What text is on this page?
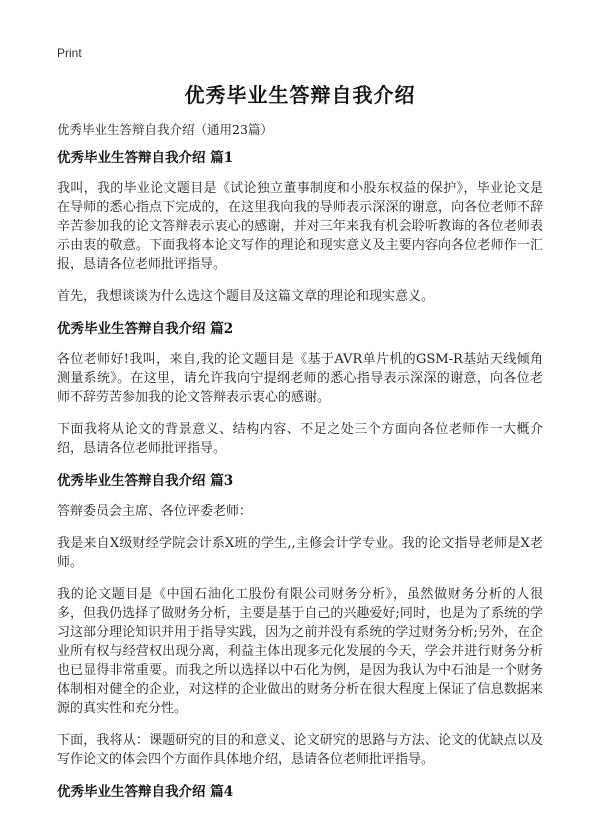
Print
优秀毕业生答辩自我介绍
优秀毕业生答辩自我介绍（通用23篇）
优秀毕业生答辩自我介绍 篇1

我叫，我的毕业论文题目是《试论独立董事制度和小股东权益的保护》，毕业论文是在导师的悉心指点下完成的，在这里我向我的导师表示深深的谢意，向各位老师不辞辛苦参加我的论文答辩表示衷心的感谢，并对三年来我有机会聆听教诲的各位老师表示由衷的敬意。下面我将本论文写作的理论和现实意义及主要内容向各位老师作一汇报，恳请各位老师批评指导。

首先，我想谈谈为什么选这个题目及这篇文章的理论和现实意义。

优秀毕业生答辩自我介绍 篇2

各位老师好!我叫，来自,我的论文题目是《基于AVR单片机的GSM-R基站天线倾角测量系统》。在这里，请允许我向宁提纲老师的悉心指导表示深深的谢意，向各位老师不辞劳苦参加我的论文答辩表示衷心的感谢。

下面我将从论文的背景意义、结构内容、不足之处三个方面向各位老师作一大概介绍，恳请各位老师批评指导。

优秀毕业生答辩自我介绍 篇3

答辩委员会主席、各位评委老师：

我是来自X级财经学院会计系X班的学生,,主修会计学专业。我的论文指导老师是X老师。

我的论文题目是《中国石油化工股份有限公司财务分析》，虽然做财务分析的人很多，但我仍选择了做财务分析，主要是基于自己的兴趣爱好;同时，也是为了系统的学习这部分理论知识并用于指导实践，因为之前并没有系统的学过财务分析;另外，在企业所有权与经营权出现分离，利益主体出现多元化发展的今天，学会并进行财务分析也已显得非常重要。而我之所以选择以中石化为例，是因为我认为中石油是一个财务体制相对健全的企业，对这样的企业做出的财务分析在很大程度上保证了信息数据来源的真实性和充分性。

下面，我将从：课题研究的目的和意义、论文研究的思路与方法、论文的优缺点以及写作论文的体会四个方面作具体地介绍，恳请各位老师批评指导。

优秀毕业生答辩自我介绍 篇4
